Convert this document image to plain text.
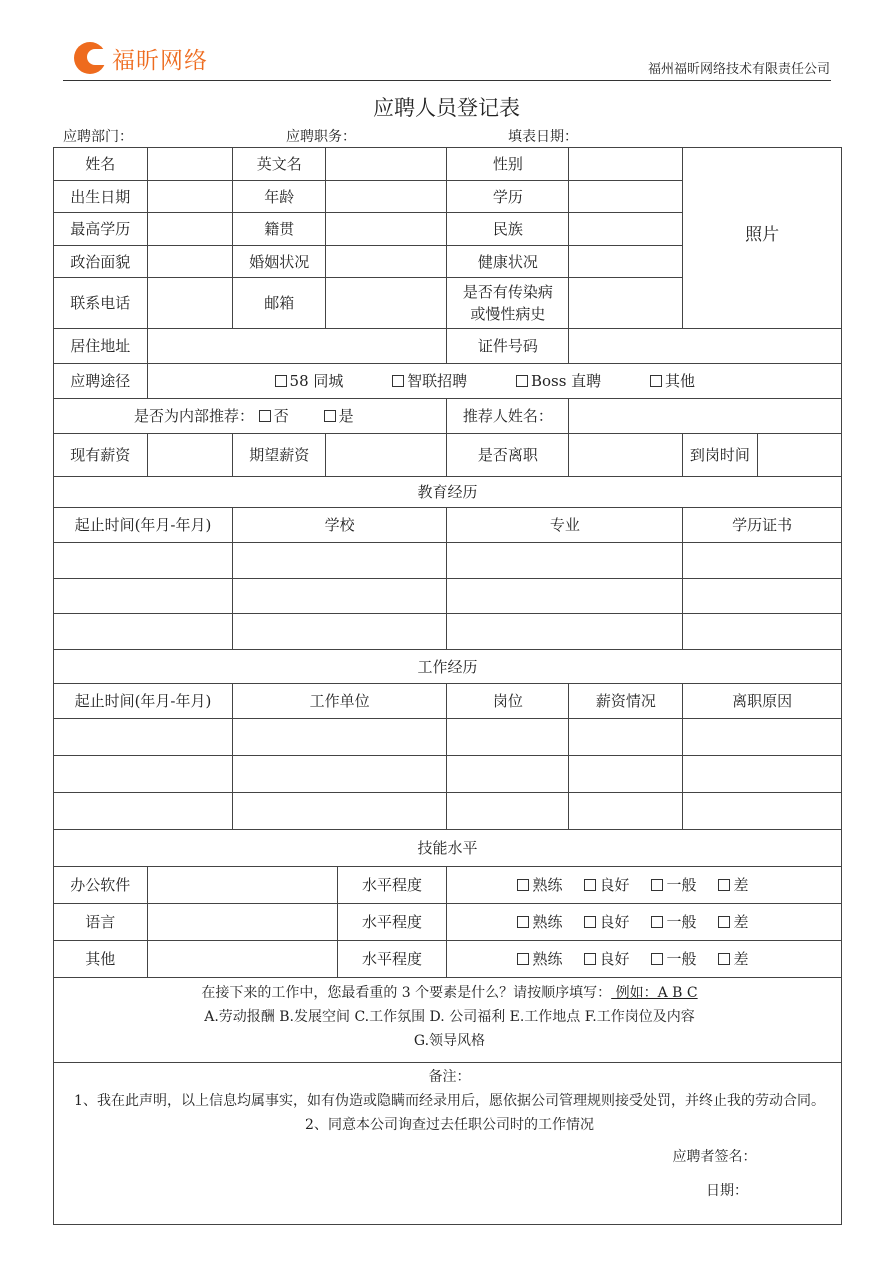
福昕网络	福州福昕网络技术有限责任公司
应聘人员登记表
应聘部门：	应聘职务：	填表日期：
姓名		英文名			性别		照片	
出生日期		年龄			学历			
最高学历		籍贯			民族			
政治面貌		婚姻状况			健康状况			
联系电话		邮箱			是否有传染病
或慢性病史			

居住地址					证件号码			
应聘途径	58 同城 智联招聘 Boss 直聘 其他							
是否为内部推荐： 否 是					推荐人姓名：			
现有薪资		期望薪资			是否离职		到岗时间	
教育经历								
起止时间(年月-年月)		学校			专业		学历证书	

工作经历								
起止时间(年月-年月)		工作单位			岗位	薪资情况	离职原因	

技能水平								
办公软件				水平程度	熟练 良好 一般 差			
语言				水平程度	熟练 良好 一般 差			
其他				水平程度	熟练 良好 一般 差			

在接下来的工作中，您最看重的 3 个要素是什么？请按顺序填写： 例如：A B C

A.劳动报酬 B.发展空间 C.工作氛围 D. 公司福利 E.工作地点 F.工作岗位及内容

G.领导风格								

备注：

1、我在此声明，以上信息均属事实，如有伪造或隐瞒而经录用后，愿依据公司管理规则接受处罚，并终止我的劳动合同。

2、同意本公司询查过去任职公司时的工作情况

应聘者签名：

日期：								
